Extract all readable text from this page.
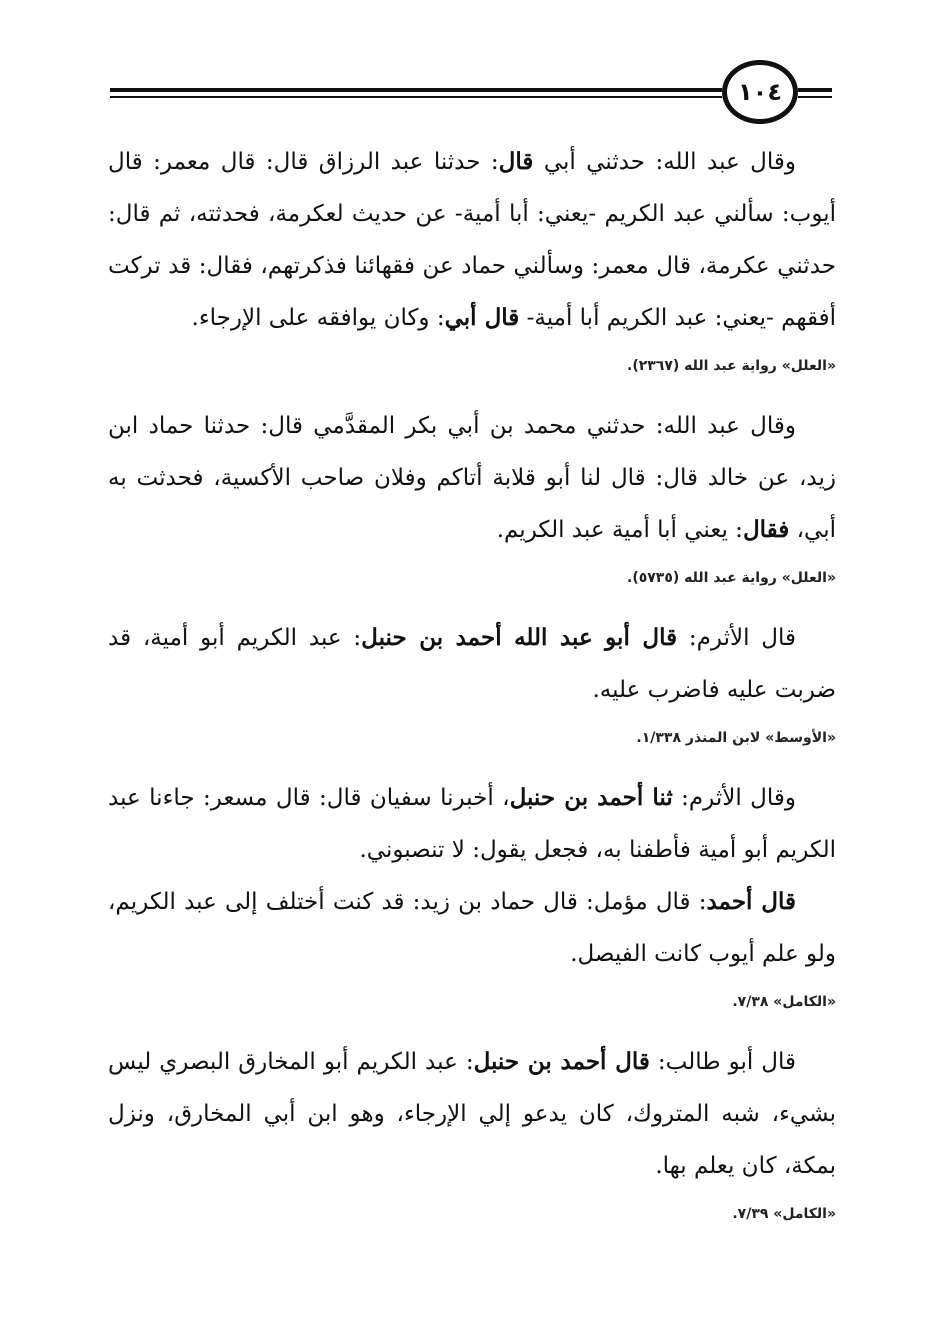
١٠٤

وقال عبد الله: حدثني أبي قال: حدثنا عبد الرزاق قال: قال معمر: قال أيوب: سألني عبد الكريم -يعني: أبا أمية- عن حديث لعكرمة، فحدثته، ثم قال: حدثني عكرمة، قال معمر: وسألني حماد عن فقهائنا فذكرتهم، فقال: قد تركت أفقهم -يعني: عبد الكريم أبا أمية- قال أبي: وكان يوافقه على الإرجاء.

«العلل» رواية عبد الله (٢٣٦٧).

وقال عبد الله: حدثني محمد بن أبي بكر المقدَّمي قال: حدثنا حماد ابن زيد، عن خالد قال: قال لنا أبو قلابة أتاكم وفلان صاحب الأكسية، فحدثت به أبي، فقال: يعني أبا أمية عبد الكريم.

«العلل» رواية عبد الله (٥٧٣٥).

قال الأثرم: قال أبو عبد الله أحمد بن حنبل: عبد الكريم أبو أمية، قد ضربت عليه فاضرب عليه.

«الأوسط» لابن المنذر ١/٣٣٨.

وقال الأثرم: ثنا أحمد بن حنبل، أخبرنا سفيان قال: قال مسعر: جاءنا عبد الكريم أبو أمية فأطفنا به، فجعل يقول: لا تنصبوني.

قال أحمد: قال مؤمل: قال حماد بن زيد: قد كنت أختلف إلى عبد الكريم، ولو علم أيوب كانت الفيصل.

«الكامل» ٧/٣٨.

قال أبو طالب: قال أحمد بن حنبل: عبد الكريم أبو المخارق البصري ليس بشيء، شبه المتروك، كان يدعو إلي الإرجاء، وهو ابن أبي المخارق، ونزل بمكة، كان يعلم بها.

«الكامل» ٧/٣٩.
